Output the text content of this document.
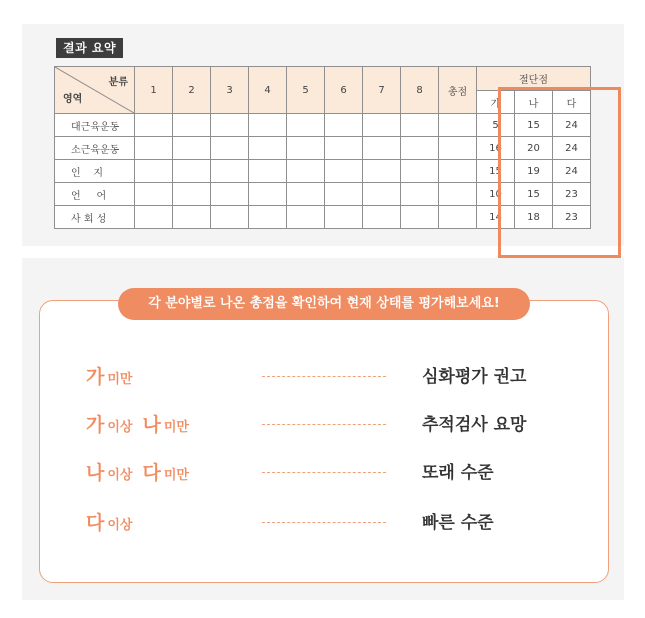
결과 요약
분류
영역	1	2	3	4	5	6	7	8	총점	절단점		
										가	나	다
대근육운동										5	15	24
소근육운동										16	20	24
인    지										15	19	24
언     어										10	15	23
사 회 성										14	18	23
각 분야별로 나온 총점을 확인하여 현재 상태를 평가해보세요!
가 미만	심화평가 권고
가 이상 나 미만	추적검사 요망
나 이상 다 미만	또래 수준
다 이상	빠른 수준
